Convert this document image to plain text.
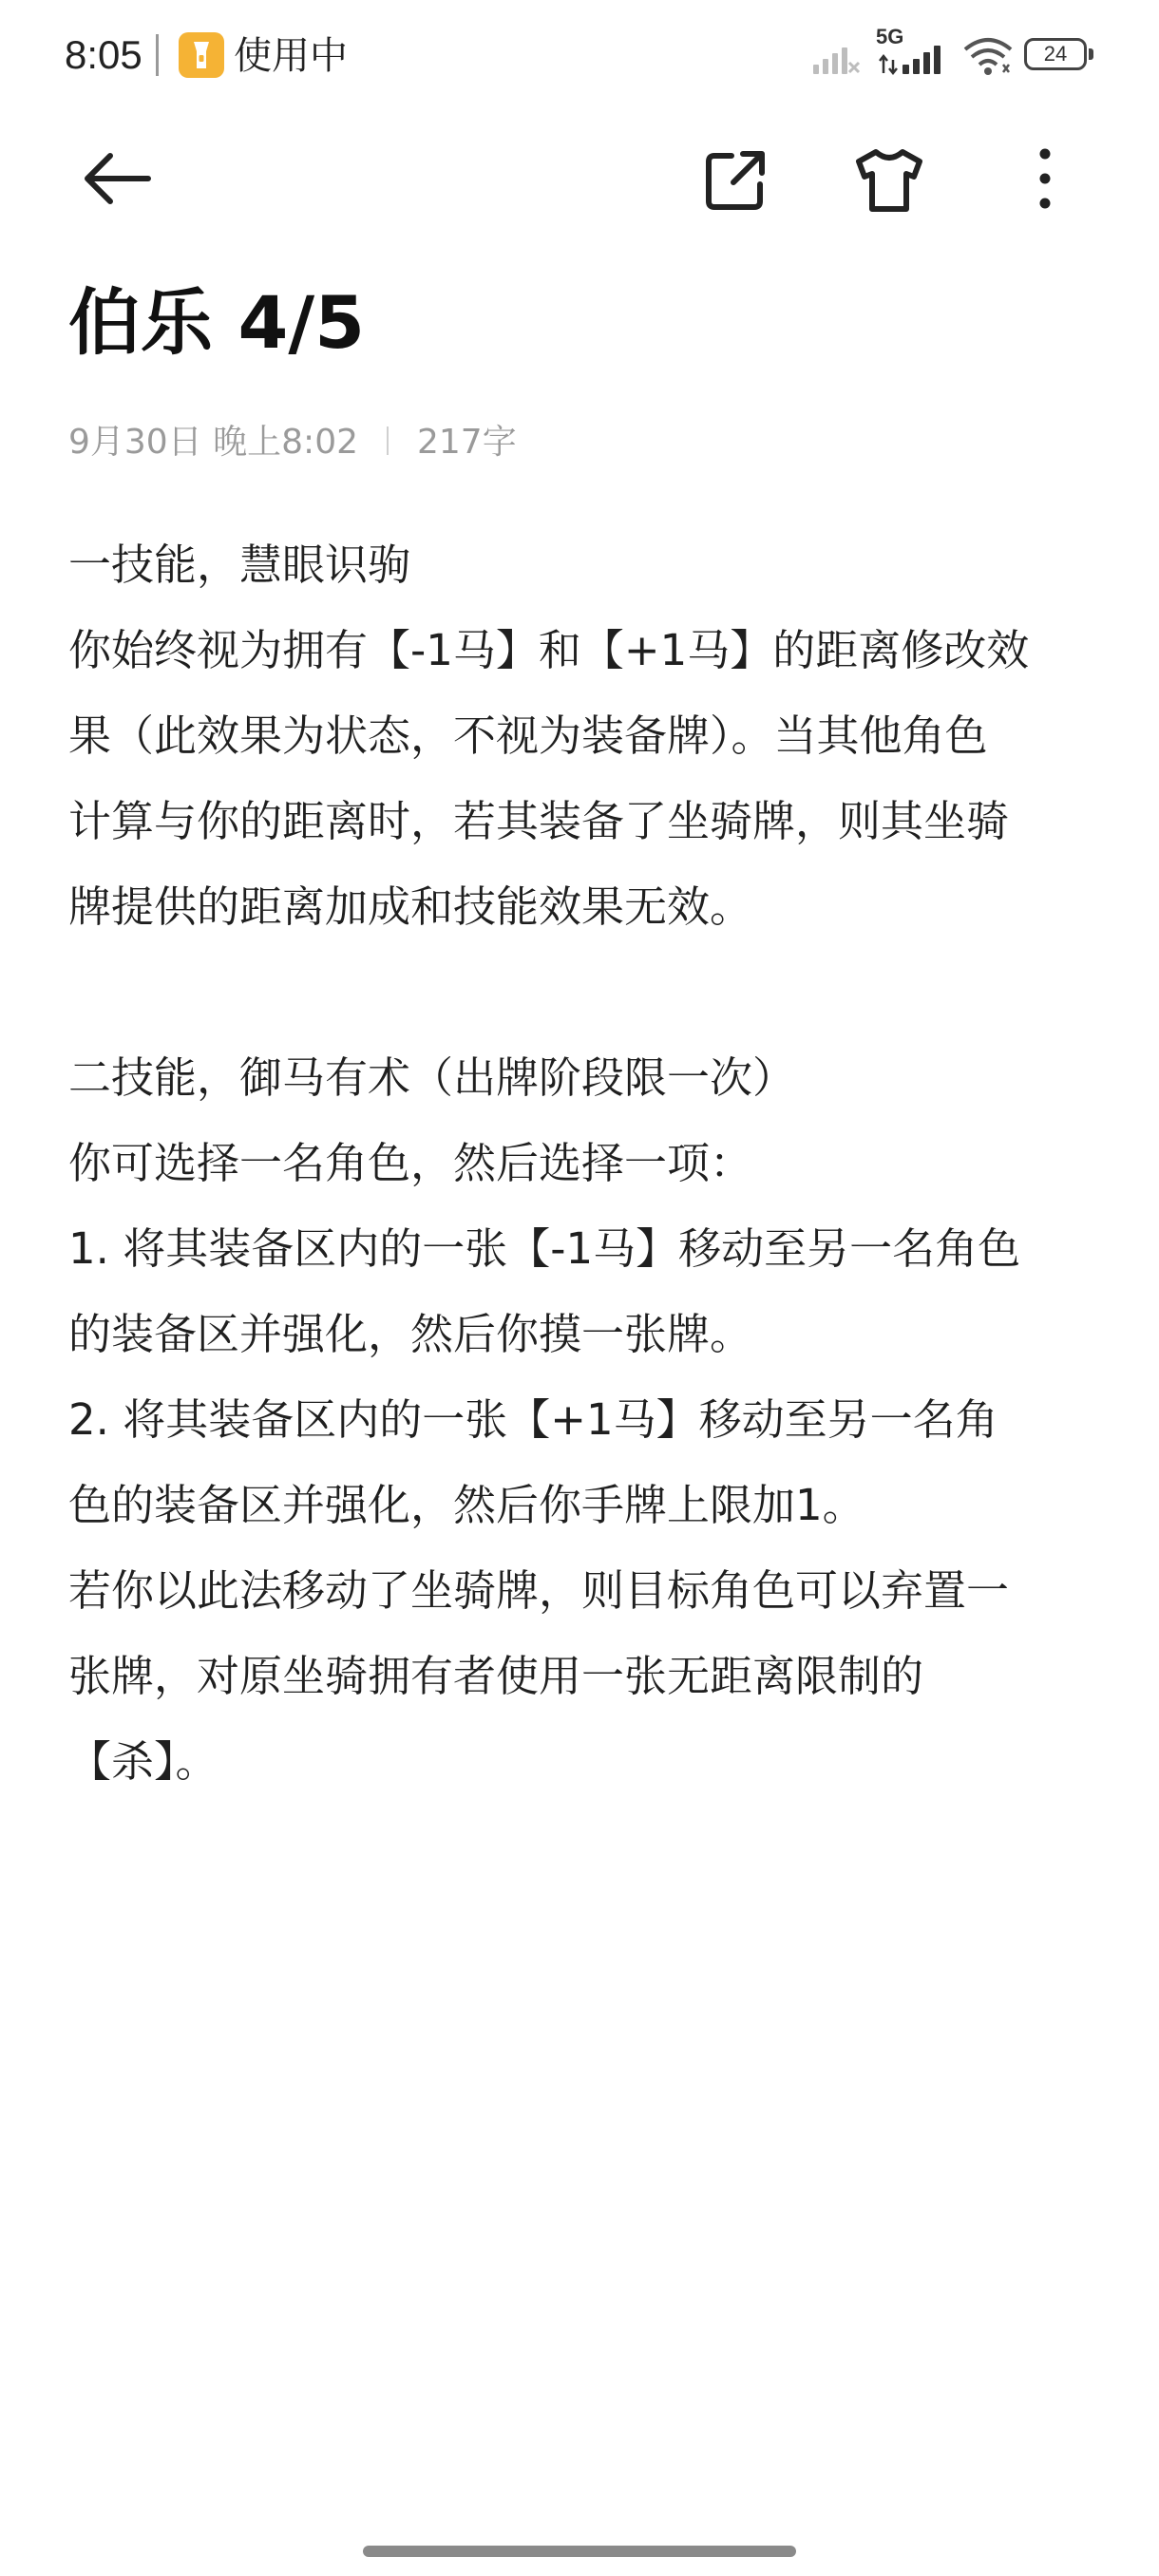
8:05 使用中	5G
24
伯乐 4/5
9月30日 晚上8:02 217字
一技能，慧眼识驹
你始终视为拥有【-1马】和【+1马】的距离修改效
果（此效果为状态，不视为装备牌）。当其他角色
计算与你的距离时，若其装备了坐骑牌，则其坐骑
牌提供的距离加成和技能效果无效。
二技能，御马有术（出牌阶段限一次）
你可选择一名角色，然后选择一项：
1. 将其装备区内的一张【-1马】移动至另一名角色
的装备区并强化，然后你摸一张牌。
2. 将其装备区内的一张【+1马】移动至另一名角
色的装备区并强化，然后你手牌上限加1。
若你以此法移动了坐骑牌，则目标角色可以弃置一
张牌，对原坐骑拥有者使用一张无距离限制的
【杀】。
